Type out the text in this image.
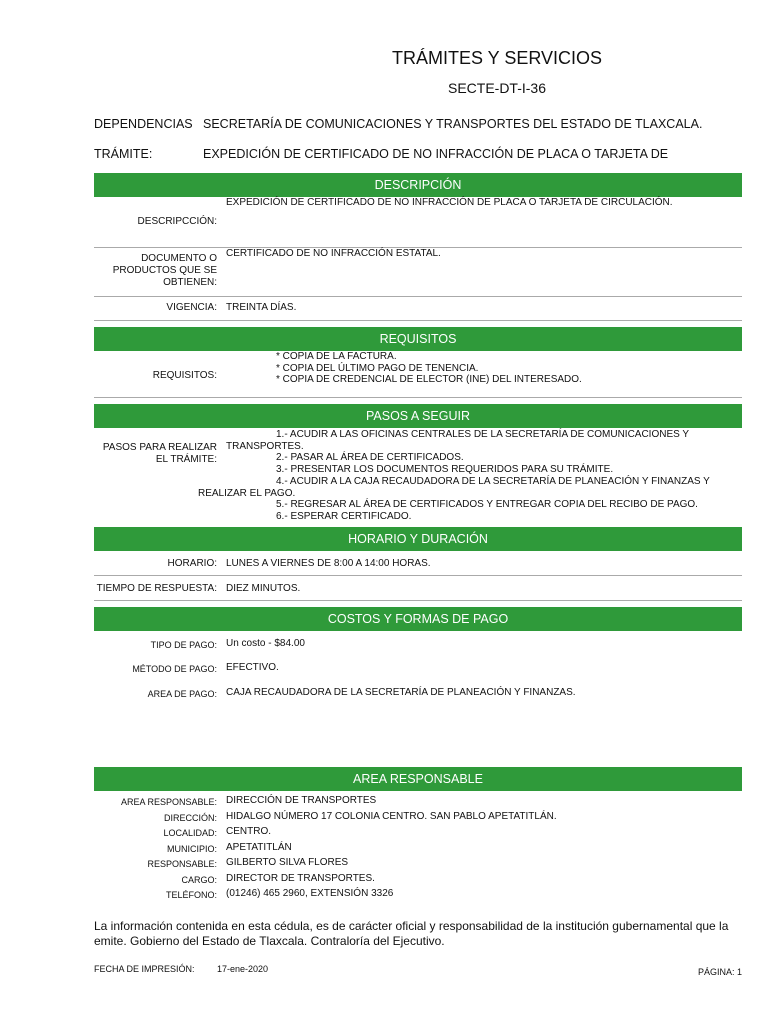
TRÁMITES Y SERVICIOS
SECTE-DT-I-36
DEPENDENCIAS SECRETARÍA DE COMUNICACIONES Y TRANSPORTES DEL ESTADO DE TLAXCALA.
TRÁMITE:	EXPEDICIÓN DE CERTIFICADO DE NO INFRACCIÓN DE PLACA O TARJETA DE
DESCRIPCIÓN
EXPEDICIÓN DE CERTIFICADO DE NO INFRACCIÓN DE PLACA O TARJETA DE CIRCULACIÓN.
DESCRIPCCIÓN:
CERTIFICADO DE NO INFRACCIÓN ESTATAL.
DOCUMENTO O
PRODUCTOS QUE SE
OBTIENEN:
VIGENCIA: TREINTA DÍAS.
REQUISITOS
* COPIA DE LA FACTURA.
* COPIA DEL ÚLTIMO PAGO DE TENENCIA.
* COPIA DE CREDENCIAL DE ELECTOR (INE) DEL INTERESADO.
REQUISITOS:
PASOS A SEGUIR
PASOS PARA REALIZAR
EL TRÁMITE:
1.- ACUDIR A LAS OFICINAS CENTRALES DE LA SECRETARÍA DE COMUNICACIONES Y
TRANSPORTES.
2.- PASAR AL ÁREA DE CERTIFICADOS.
3.- PRESENTAR LOS DOCUMENTOS REQUERIDOS PARA SU TRÁMITE.
4.- ACUDIR A LA CAJA RECAUDADORA DE LA SECRETARÍA DE PLANEACIÓN Y FINANZAS Y
REALIZAR EL PAGO.
5.- REGRESAR AL ÁREA DE CERTIFICADOS Y ENTREGAR COPIA DEL RECIBO DE PAGO.
6.- ESPERAR CERTIFICADO.
HORARIO Y DURACIÓN
HORARIO: LUNES A VIERNES DE 8:00 A 14:00 HORAS.
TIEMPO DE RESPUESTA: DIEZ MINUTOS.
COSTOS Y FORMAS DE PAGO
TIPO DE PAGO: Un costo - $84.00
MÉTODO DE PAGO: EFECTIVO.
AREA DE PAGO: CAJA RECAUDADORA DE LA SECRETARÍA DE PLANEACIÓN Y FINANZAS.
AREA RESPONSABLE
AREA RESPONSABLE: DIRECCIÓN DE TRANSPORTES
DIRECCIÓN: HIDALGO NÚMERO 17 COLONIA CENTRO. SAN PABLO APETATITLÁN.
LOCALIDAD: CENTRO.
MUNICIPIO: APETATITLÁN
RESPONSABLE: GILBERTO SILVA FLORES
CARGO: DIRECTOR DE TRANSPORTES.
TELÉFONO: (01246) 465 2960, EXTENSIÓN 3326
La información contenida en esta cédula, es de carácter oficial y responsabilidad de la institución gubernamental que la emite. Gobierno del Estado de Tlaxcala. Contraloría del Ejecutivo.
FECHA DE IMPRESIÓN: 17-ene-2020	PÁGINA: 1
